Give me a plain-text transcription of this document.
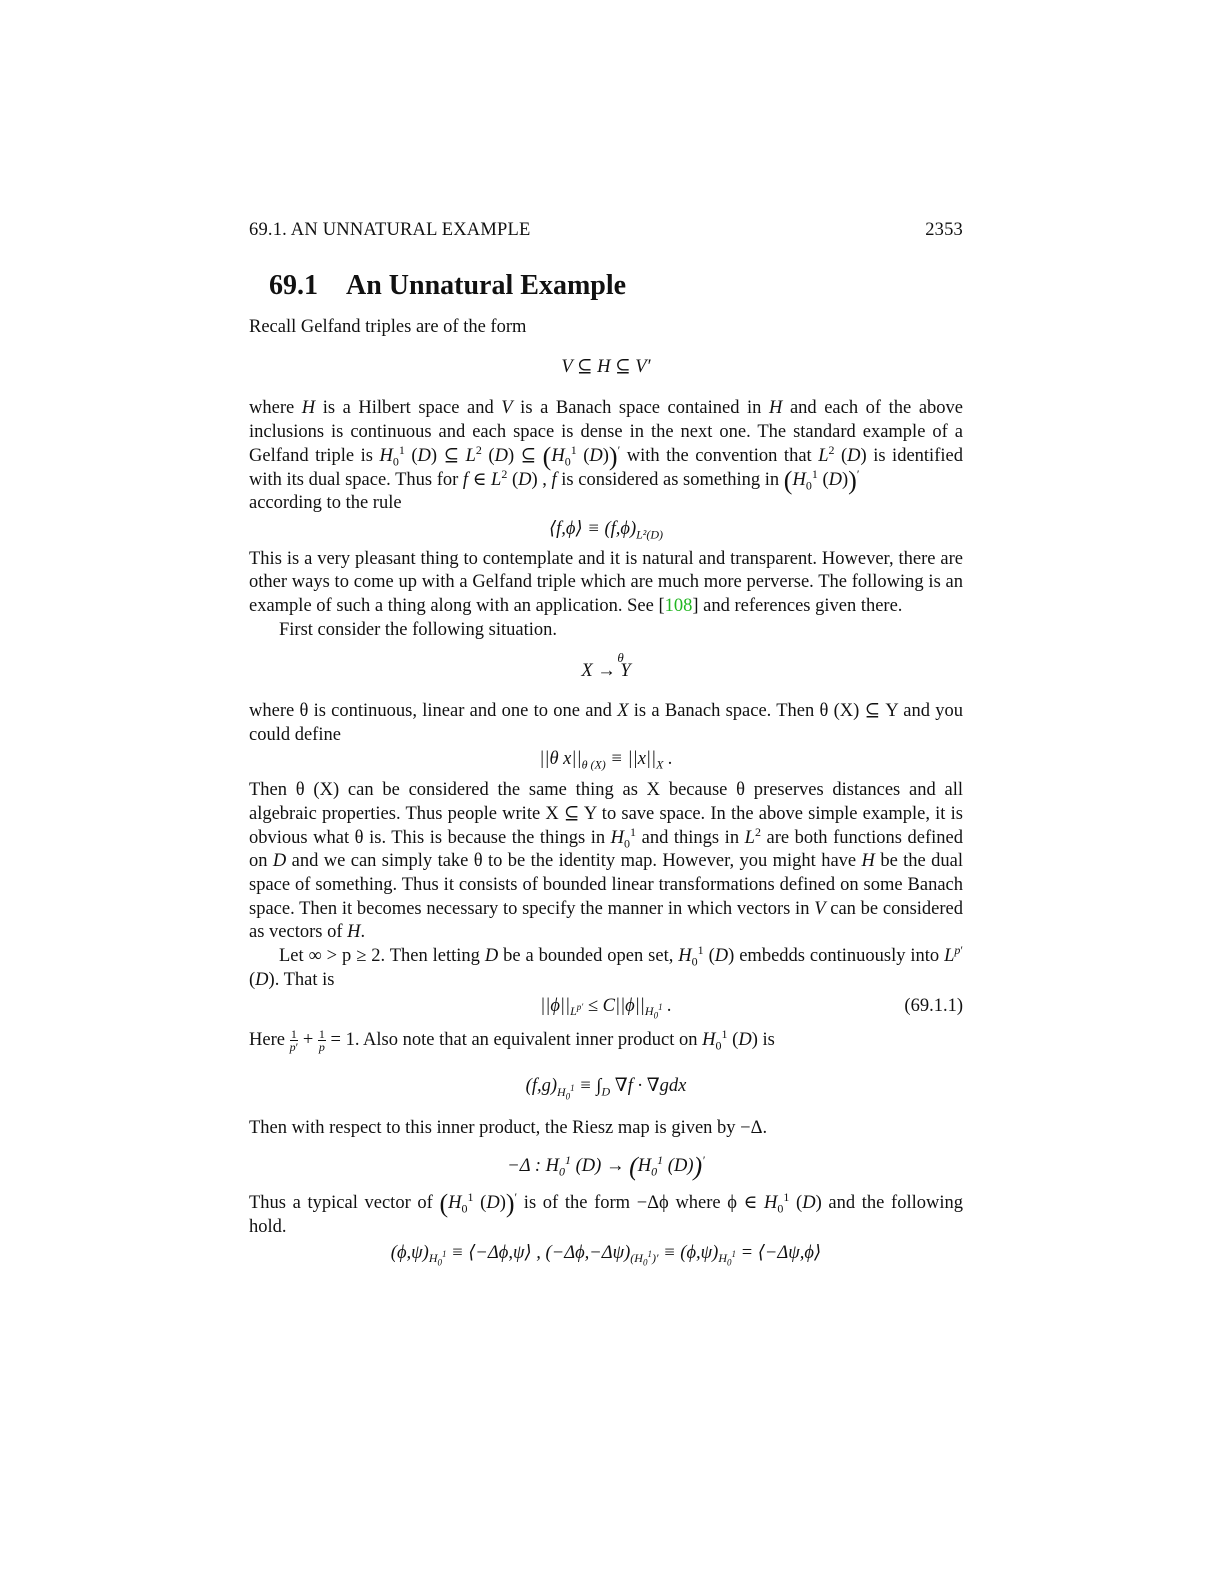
69.1. AN UNNATURAL EXAMPLE	2353
69.1 An Unnatural Example

Recall Gelfand triples are of the form

V ⊆ H ⊆ V′

where H is a Hilbert space and V is a Banach space contained in H and each of the above inclusions is continuous and each space is dense in the next one. The standard example of a Gelfand triple is $H_0^1$ (D) ⊆ $L^2$ (D) ⊆ ($H_0^1$ (D))′ with the convention that $L^2$ (D) is identified with its dual space. Thus for f ∈ $L^2$ (D) , f is considered as something in ($H_0^1$ (D))′
according to the rule

⟨f,ϕ⟩ ≡ $(f,\phi)_{L^2(D)}$

This is a very pleasant thing to contemplate and it is natural and transparent. However, there are other ways to come up with a Gelfand triple which are much more perverse. The following is an example of such a thing along with an application. See [108] and references given there.

First consider the following situation.

θ
X → Y

where θ is continuous, linear and one to one and X is a Banach space. Then θ (X) ⊆ Y and you could define

||θ $x||_{\theta (X)} \equiv ||x||_X$ .

Then θ (X) can be considered the same thing as X because θ preserves distances and all algebraic properties. Thus people write X ⊆ Y to save space. In the above simple example, it is obvious what θ is. This is because the things in $H_0^1$ and things in $L^2$ are both functions defined on D and we can simply take θ to be the identity map. However, you might have H be the dual space of something. Thus it consists of bounded linear transformations defined on some Banach space. Then it becomes necessary to specify the manner in which vectors in V can be considered as vectors of H.

Let ∞ > p ≥ 2. Then letting D be a bounded open set, $H_0^1$ (D) embedds continuously into $L^{p'}$ (D). That is

$||\phi||_{L^{p'}} \le C||\phi||_{H_0^1}$ .	(69.1.1)

Here $\frac{1}{p'} + \frac{1}{p} = 1$. Also note that an equivalent inner product on $H_0^1$ (D) is

$(f,g)_{H_0^1} \equiv \int_D$ ∇f · ∇gdx

Then with respect to this inner product, the Riesz map is given by −Δ.

−Δ : $H_0^1$ $(D) \to (H_0^1$ (D))′

Thus a typical vector of ($H_0^1$ (D))′ is of the form −Δϕ where ϕ ∈ $H_0^1$ (D) and the following hold.

$(\phi,\psi)_{H_0^1}$ ≡ ⟨−Δϕ,ψ⟩ , $(-\Delta\phi,-\Delta\psi)_{(H_0^1)'} \equiv (\phi,\psi)_{H_0^1}$ = ⟨−Δψ,ϕ⟩
